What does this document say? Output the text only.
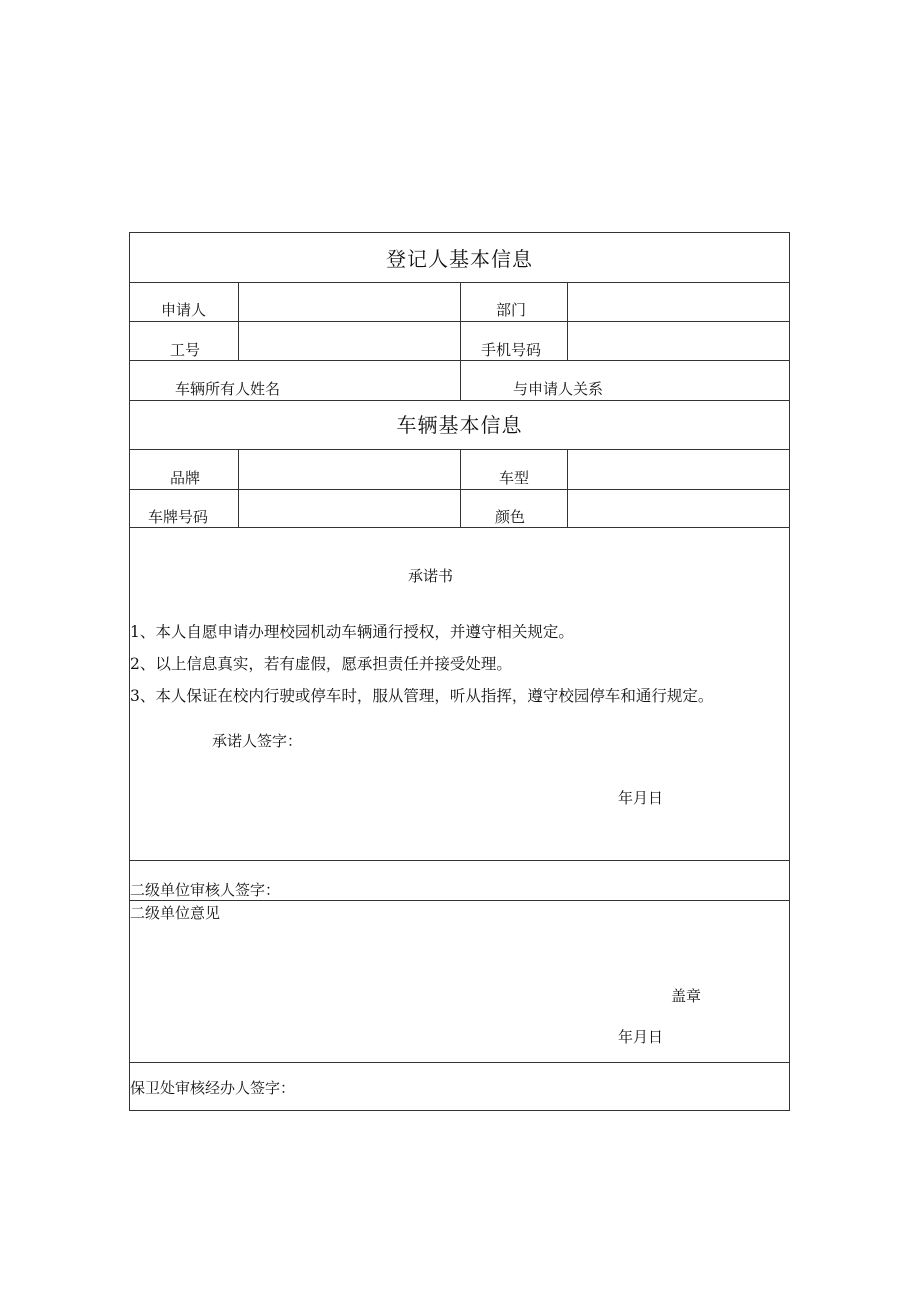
登记人基本信息
申请人	部门
工号	手机号码
车辆所有人姓名	与申请人关系
车辆基本信息
品牌	车型
车牌号码	颜色
承诺书
1、本人自愿申请办理校园机动车辆通行授权，并遵守相关规定。
2、以上信息真实，若有虚假，愿承担责任并接受处理。
3、本人保证在校内行驶或停车时，服从管理，听从指挥，遵守校园停车和通行规定。
承诺人签字：
年月日
二级单位审核人签字：
二级单位意见
盖章
年月日
保卫处审核经办人签字：
